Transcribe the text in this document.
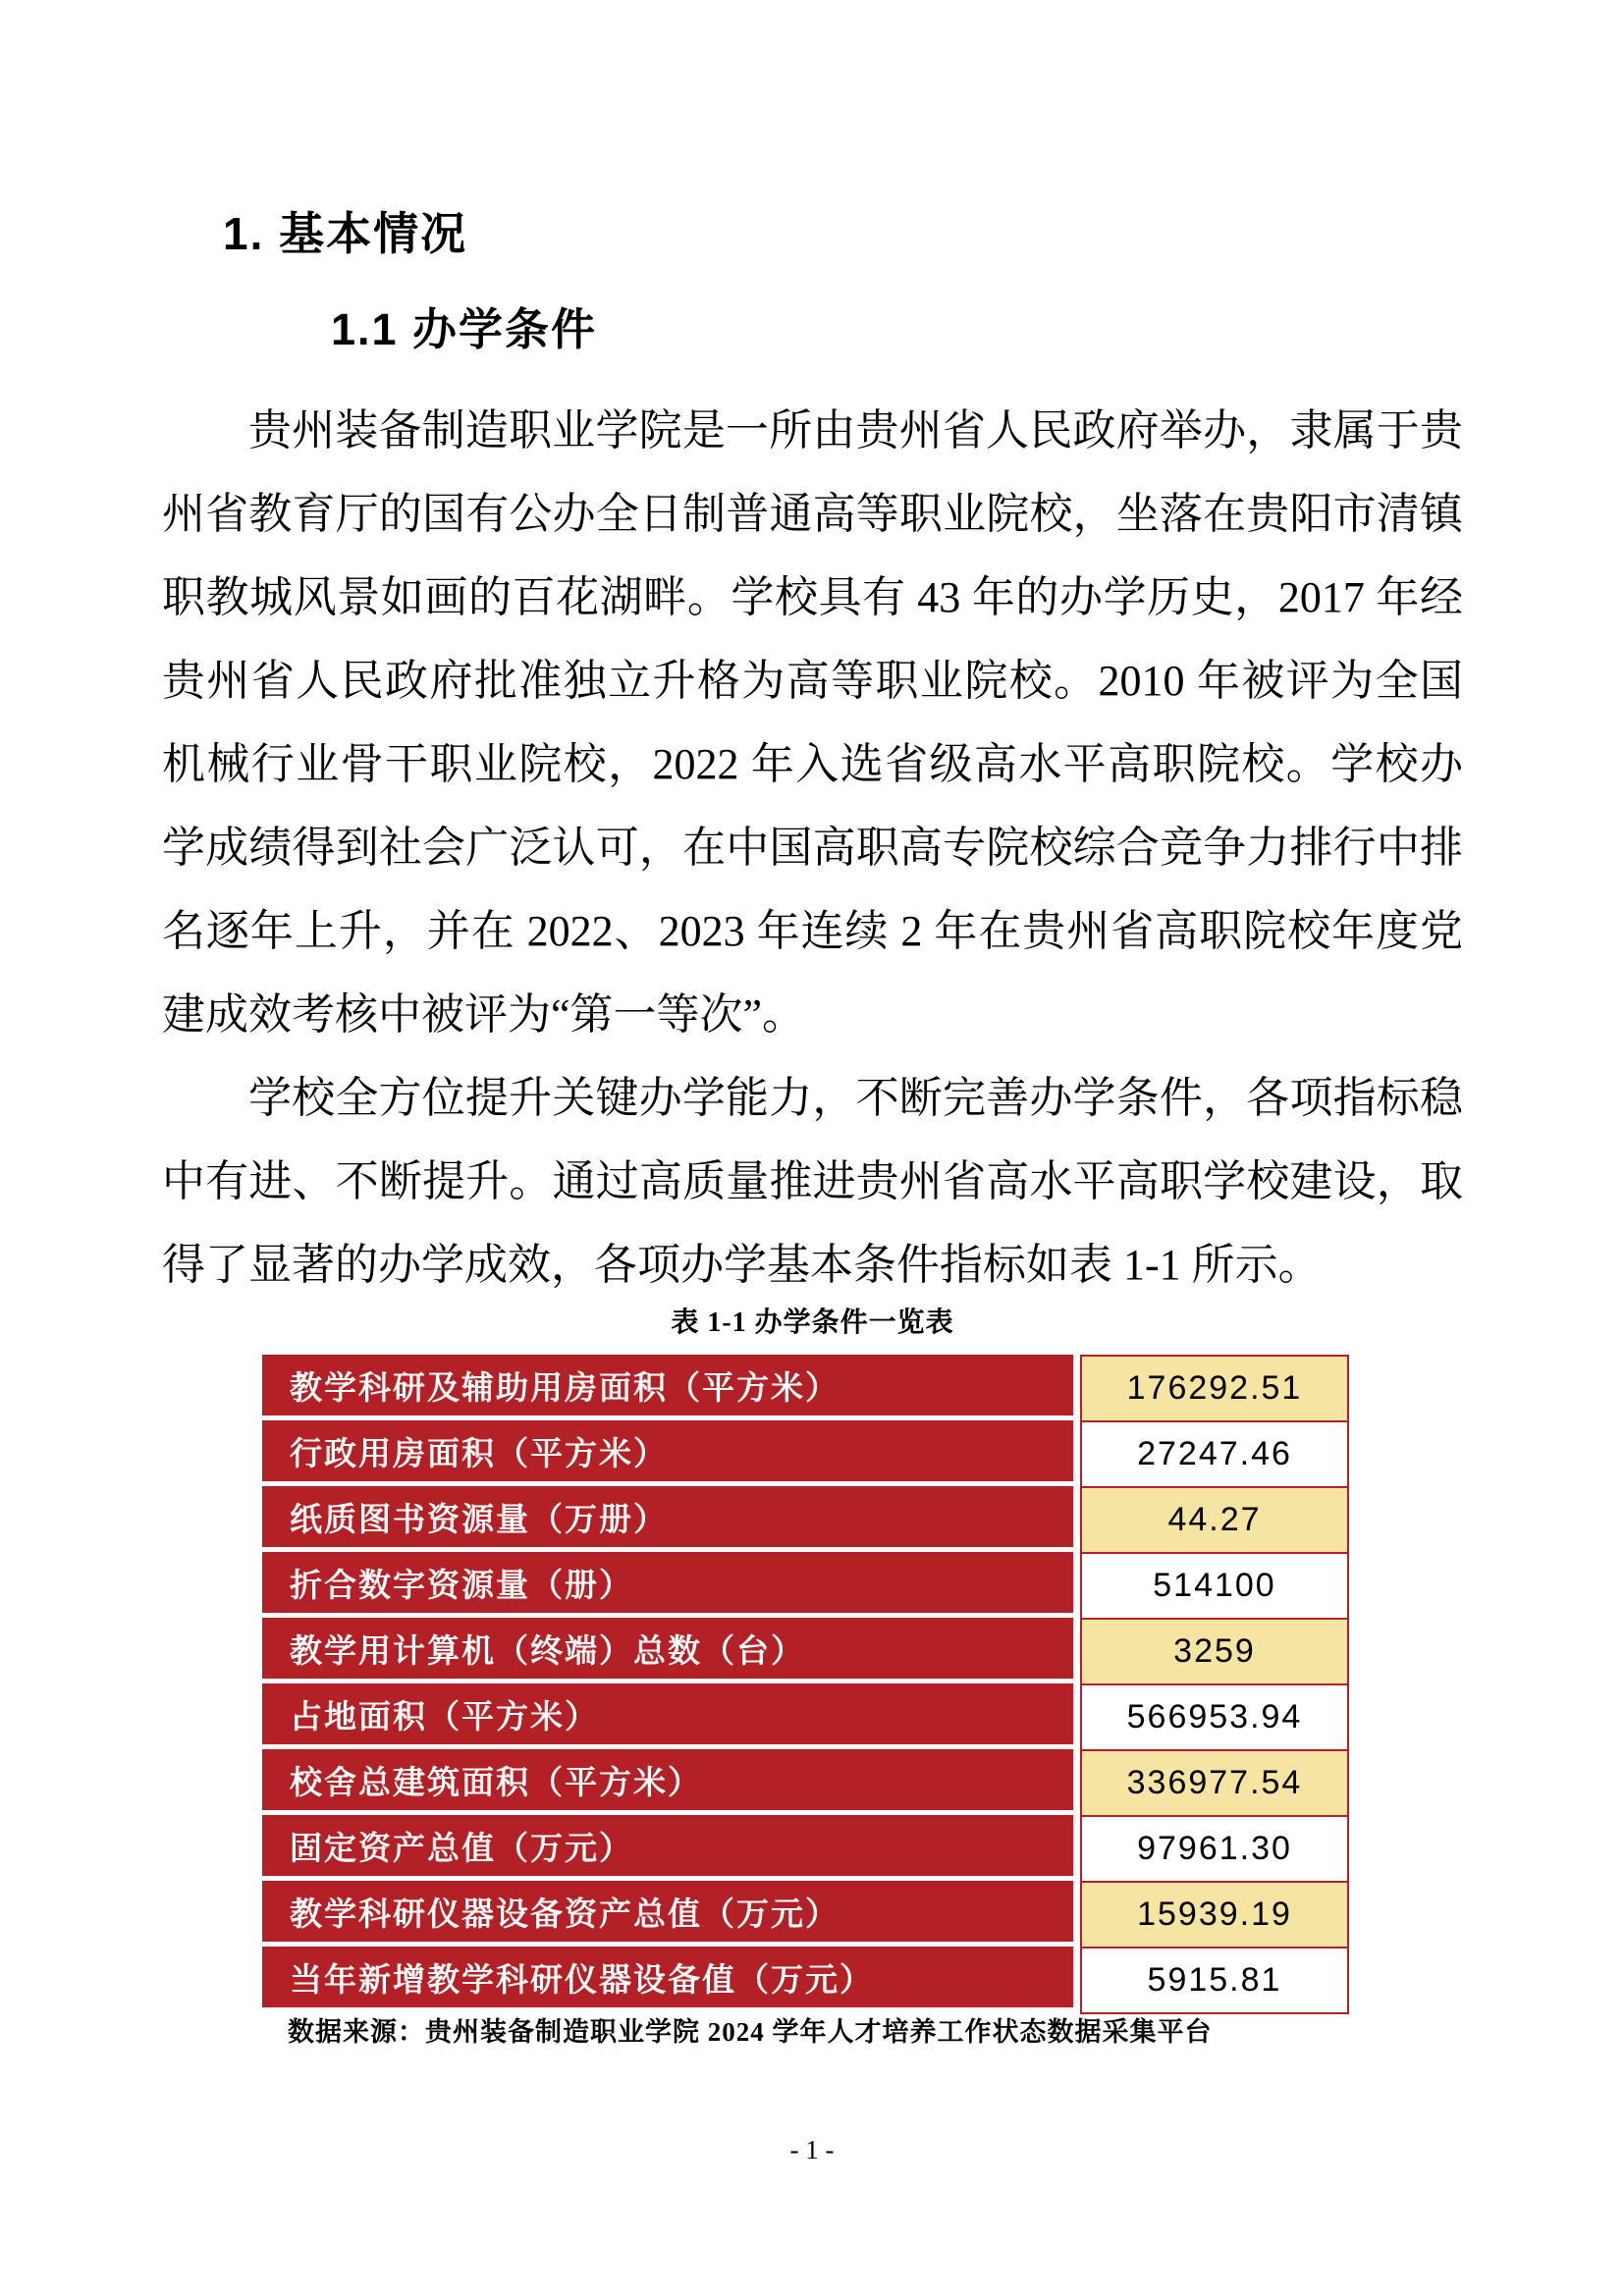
1. 基本情况
1.1 办学条件
贵州装备制造职业学院是一所由贵州省人民政府举办，隶属于贵
州省教育厅的国有公办全日制普通高等职业院校，坐落在贵阳市清镇
职教城风景如画的百花湖畔。学校具有 43 年的办学历史，2017 年经
贵州省人民政府批准独立升格为高等职业院校。2010 年被评为全国
机械行业骨干职业院校，2022 年入选省级高水平高职院校。学校办
学成绩得到社会广泛认可，在中国高职高专院校综合竞争力排行中排
名逐年上升，并在 2022、2023 年连续 2 年在贵州省高职院校年度党
建成效考核中被评为“第一等次”。
学校全方位提升关键办学能力，不断完善办学条件，各项指标稳
中有进、不断提升。通过高质量推进贵州省高水平高职学校建设，取
得了显著的办学成效，各项办学基本条件指标如表 1-1 所示。
表 1-1 办学条件一览表
教学科研及辅助用房面积（平方米）
行政用房面积（平方米）
纸质图书资源量（万册）
折合数字资源量（册）
教学用计算机（终端）总数（台）
占地面积（平方米）
校舍总建筑面积（平方米）
固定资产总值（万元）
教学科研仪器设备资产总值（万元）
当年新增教学科研仪器设备值（万元）
176292.51
27247.46
44.27
514100
3259
566953.94
336977.54
97961.30
15939.19
5915.81
数据来源：贵州装备制造职业学院 2024 学年人才培养工作状态数据采集平台
- 1 -
